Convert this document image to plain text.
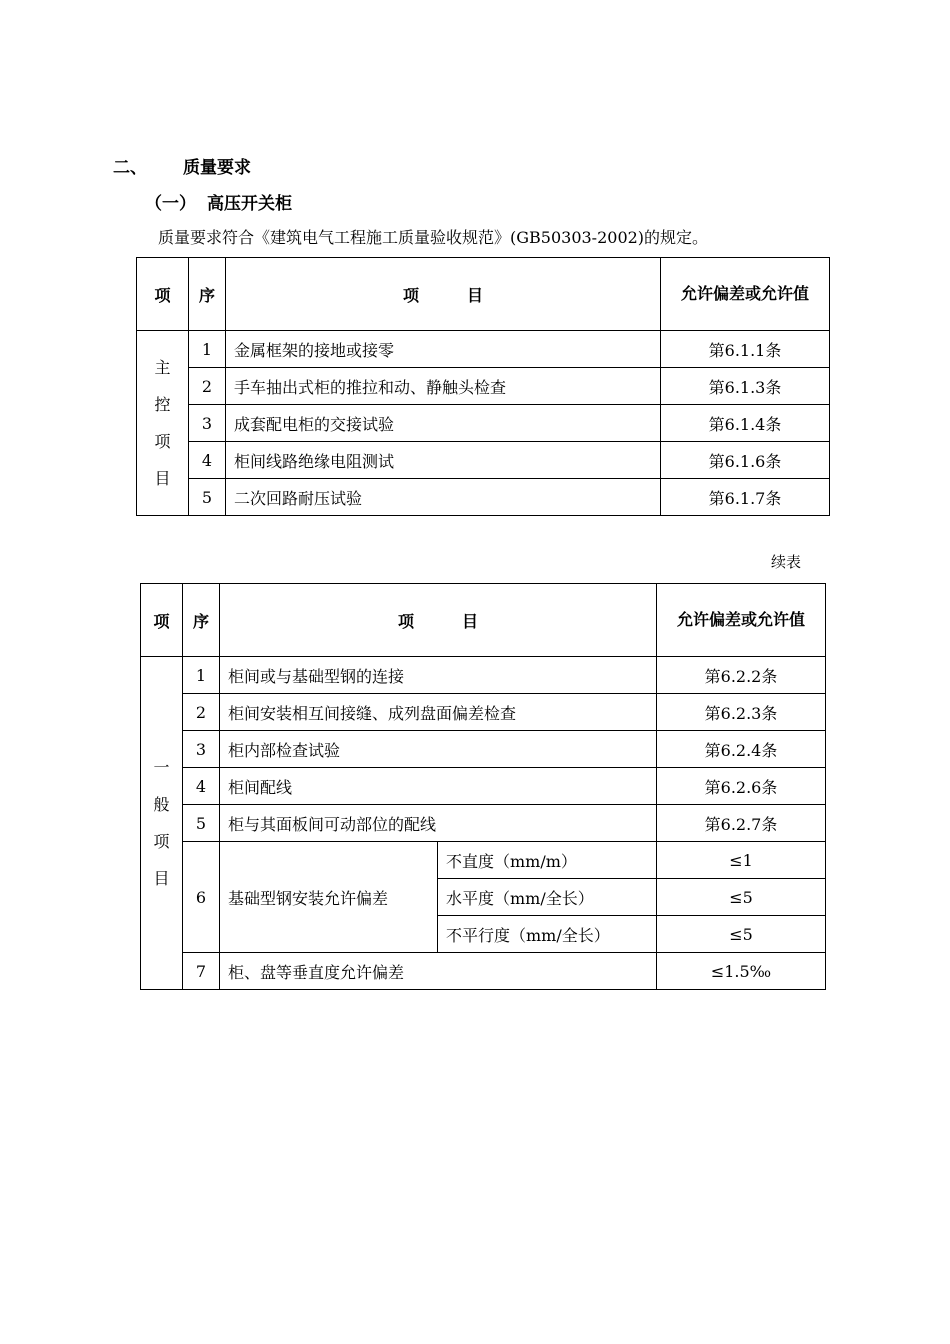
二、 质量要求
（一） 高压开关柜
质量要求符合《建筑电气工程施工质量验收规范》(GB50303-2002)的规定。
项	序	项 目	允许偏差或允许值

主控项目	1	金属框架的接地或接零	第6.1.1条
	2	手车抽出式柜的推拉和动、静触头检查	第6.1.3条
	3	成套配电柜的交接试验	第6.1.4条
	4	柜间线路绝缘电阻测试	第6.1.6条
	5	二次回路耐压试验	第6.1.7条
续表
项	序	项 目		允许偏差或允许值

一般项目	1	柜间或与基础型钢的连接		第6.2.2条
	2	柜间安装相互间接缝、成列盘面偏差检查		第6.2.3条
	3	柜内部检查试验		第6.2.4条
	4	柜间配线		第6.2.6条
	5	柜与其面板间可动部位的配线		第6.2.7条
	6	基础型钢安装允许偏差	不直度（mm/m）	≤1
			水平度（mm/全长）	≤5
			不平行度（mm/全长）	≤5
	7	柜、盘等垂直度允许偏差		≤1.5‰
